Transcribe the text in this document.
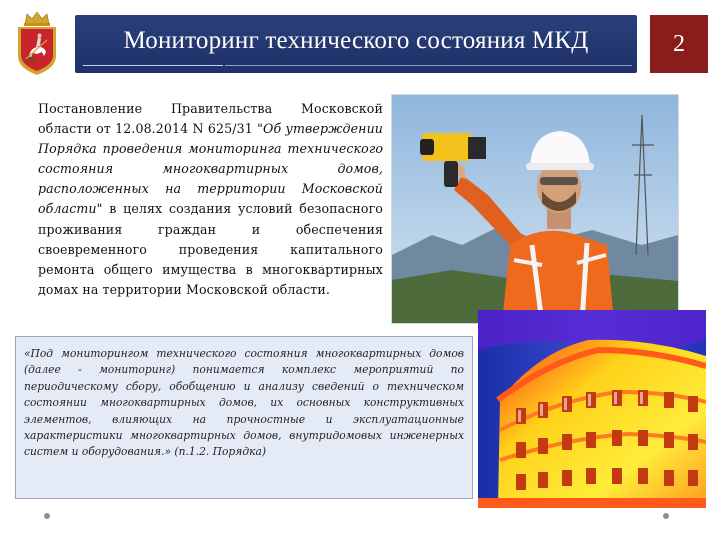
Мониторинг технического состояния МКД	2
Постановление Правительства Московской области от 12.08.2014 N 625/31 "Об утверждении Порядка проведения мониторинга технического состояния многоквартирных домов, расположенных на территории Московской области" в целях создания условий безопасного проживания граждан и обеспечения своевременного проведения капитального ремонта общего имущества в многоквартирных домах на территории Московской области.

«Под мониторингом технического состояния многоквартирных домов (далее - мониторинг) понимается комплекс мероприятий по периодическому сбору, обобщению и анализу сведений о техническом состоянии многоквартирных домов, их основных конструктивных элементов, влияющих на прочностные и эксплуатационные характеристики многоквартирных домов, внутридомовых инженерных систем и оборудования.» (п.1.2. Порядка)
